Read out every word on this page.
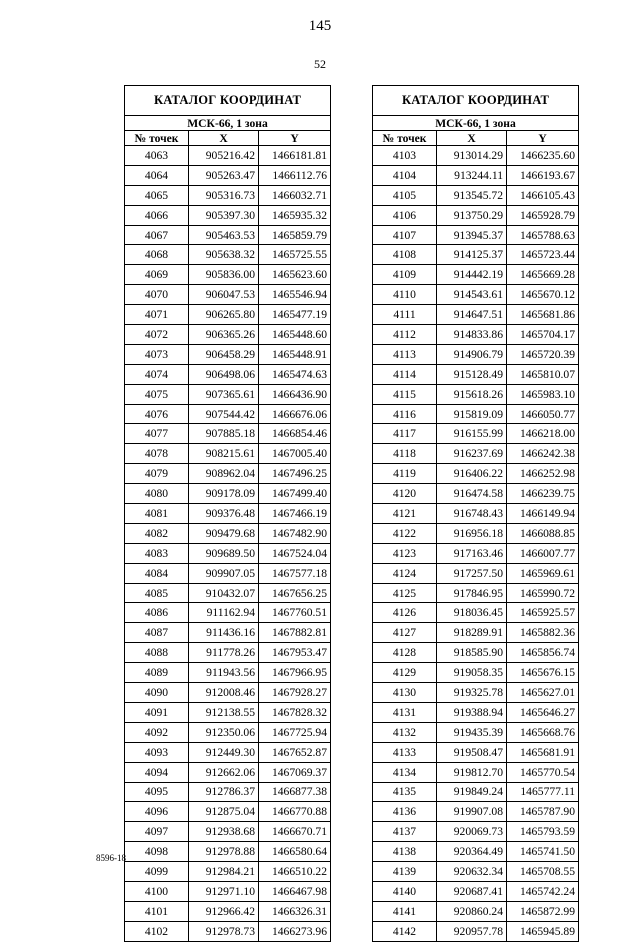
145
52
КАТАЛОГ КООРДИНАТ		
МСК-66, 1 зона		
№ точек	X	Y
4063	905216.42	1466181.81
4064	905263.47	1466112.76
4065	905316.73	1466032.71
4066	905397.30	1465935.32
4067	905463.53	1465859.79
4068	905638.32	1465725.55
4069	905836.00	1465623.60
4070	906047.53	1465546.94
4071	906265.80	1465477.19
4072	906365.26	1465448.60
4073	906458.29	1465448.91
4074	906498.06	1465474.63
4075	907365.61	1466436.90
4076	907544.42	1466676.06
4077	907885.18	1466854.46
4078	908215.61	1467005.40
4079	908962.04	1467496.25
4080	909178.09	1467499.40
4081	909376.48	1467466.19
4082	909479.68	1467482.90
4083	909689.50	1467524.04
4084	909907.05	1467577.18
4085	910432.07	1467656.25
4086	911162.94	1467760.51
4087	911436.16	1467882.81
4088	911778.26	1467953.47
4089	911943.56	1467966.95
4090	912008.46	1467928.27
4091	912138.55	1467828.32
4092	912350.06	1467725.94
4093	912449.30	1467652.87
4094	912662.06	1467069.37
4095	912786.37	1466877.38
4096	912875.04	1466770.88
4097	912938.68	1466670.71
4098	912978.88	1466580.64
4099	912984.21	1466510.22
4100	912971.10	1466467.98
4101	912966.42	1466326.31
4102	912978.73	1466273.96
КАТАЛОГ КООРДИНАТ		
МСК-66, 1 зона		
№ точек	X	Y
4103	913014.29	1466235.60
4104	913244.11	1466193.67
4105	913545.72	1466105.43
4106	913750.29	1465928.79
4107	913945.37	1465788.63
4108	914125.37	1465723.44
4109	914442.19	1465669.28
4110	914543.61	1465670.12
4111	914647.51	1465681.86
4112	914833.86	1465704.17
4113	914906.79	1465720.39
4114	915128.49	1465810.07
4115	915618.26	1465983.10
4116	915819.09	1466050.77
4117	916155.99	1466218.00
4118	916237.69	1466242.38
4119	916406.22	1466252.98
4120	916474.58	1466239.75
4121	916748.43	1466149.94
4122	916956.18	1466088.85
4123	917163.46	1466007.77
4124	917257.50	1465969.61
4125	917846.95	1465990.72
4126	918036.45	1465925.57
4127	918289.91	1465882.36
4128	918585.90	1465856.74
4129	919058.35	1465676.15
4130	919325.78	1465627.01
4131	919388.94	1465646.27
4132	919435.39	1465668.76
4133	919508.47	1465681.91
4134	919812.70	1465770.54
4135	919849.24	1465777.11
4136	919907.08	1465787.90
4137	920069.73	1465793.59
4138	920364.49	1465741.50
4139	920632.34	1465708.55
4140	920687.41	1465742.24
4141	920860.24	1465872.99
4142	920957.78	1465945.89
8596-18
